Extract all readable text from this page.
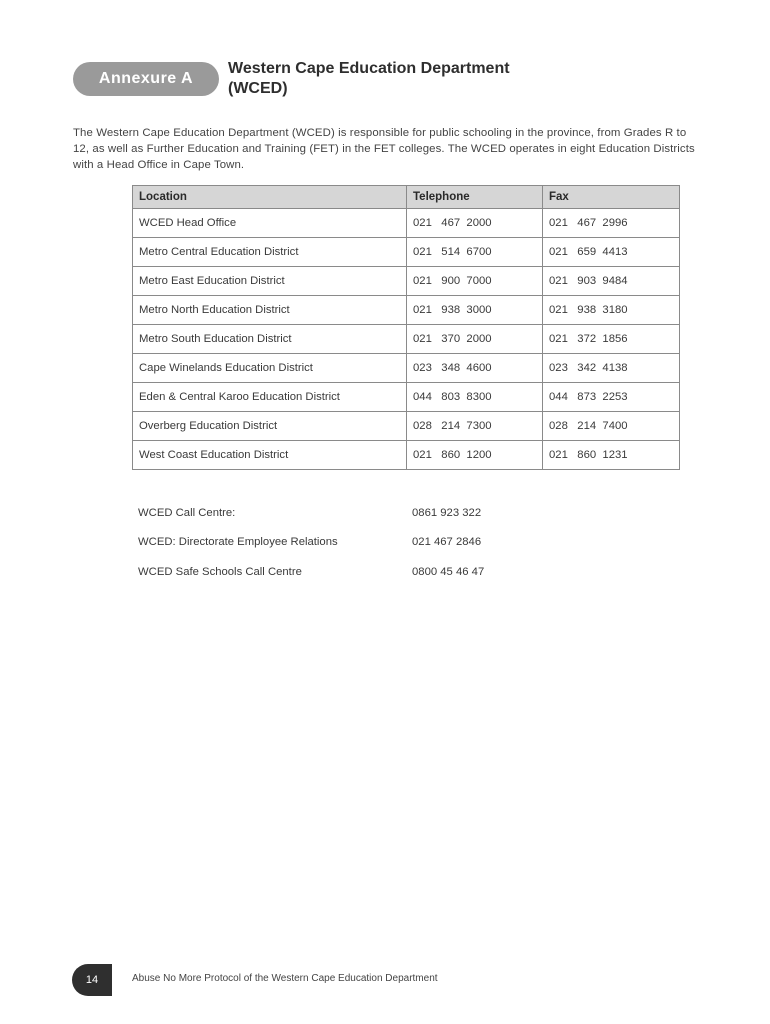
Annexure A
Western Cape Education Department
(WCED)

The Western Cape Education Department (WCED) is responsible for public schooling in the province, from Grades R to 12, as well as Further Education and Training (FET) in the FET colleges. The WCED operates in eight Education Districts with a Head Office in Cape Town.

Location	Telephone	Fax
WCED Head Office	021 467  2000	021 467  2996
Metro Central Education District	021 514  6700	021 659  4413
Metro East Education District	021 900  7000	021 903  9484
Metro North Education District	021 938  3000	021 938  3180
Metro South Education District	021 370  2000	021 372  1856
Cape Winelands Education District	023 348  4600	023 342  4138
Eden & Central Karoo Education District	044 803  8300	044 873  2253
Overberg Education District	028 214  7300	028 214  7400
West Coast Education District	021 860  1200	021 860  1231
WCED Call Centre:	0861 923 322
WCED: Directorate Employee Relations	021 467 2846
WCED Safe Schools Call Centre	0800 45 46 47
14	Abuse No More Protocol of the Western Cape Education Department
